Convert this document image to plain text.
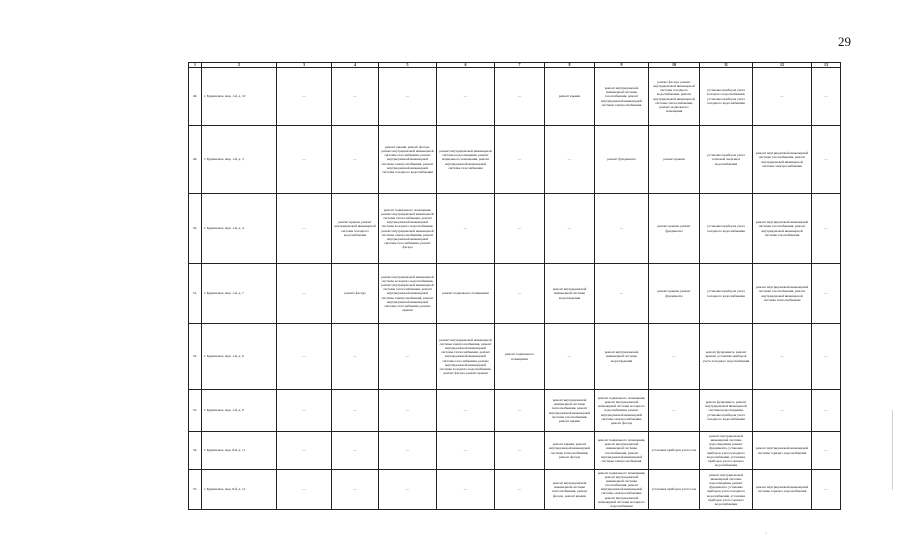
29
1	2	3	4	5	6	7	8	9	10	11	12	13
49.	г. Буденновск, мкр. 1-й, д. 10	—	—	—	—	—	ремонт крыши	ремонт внутридомовой инженерной системы газоснабжения, ремонт внутридомовой инженерной системы электроснабжения	ремонт фасада, ремонт внутридомовой инженерной системы холодного водоснабжения, ремонт внутридомовой инженерной системы теплоснабжения, ремонт подвального помещения	установка приборов учета холодного водоснабжения, установка приборов учета холодного водоснабжения	—	—
49.	г. Буденновск, мкр. 1-й, д. 3	—	—	ремонт крыши, ремонт фасада, ремонт внутридомовой инженерной системы газоснабжения, ремонт внутридомовой инженерной системы электроснабжения, ремонт внутридомовой инженерной системы холодного водоснабжения	ремонт внутридомовой инженерной системы водоотведения, ремонт подвального помещения, ремонт внутридомовой инженерной системы газоснабжения	—	—	ремонт фундамента	ремонт крыши	установка приборов учета тепловой энергии и водоснабжения	ремонт внутридомовой инженерной системы газоснабжения, ремонт внутридомовой инженерной системы электроснабжения	—
50.	г. Буденновск, мкр. 1-й, д. 4	—	ремонт крыши, ремонт внутридомовой инженерной системы холодного водоснабжения	ремонт подвального помещения, ремонт внутридомовой инженерной системы теплоснабжения, ремонт внутридомовой инженерной системы холодного водоснабжения, ремонт внутридомовой инженерной системы электроснабжения, ремонт внутридомовой инженерной системы газоснабжения, ремонт фасада	—	—	—	—	ремонт крыши, ремонт фундамента	установка приборов учета холодного водоснабжения	ремонт внутридомовой инженерной системы газоснабжения, ремонт внутридомовой инженерной системы газоснабжения	—
51.	г. Буденновск, мкр. 1-й, д. 7	—	ремонт фасада	ремонт внутридомовой инженерной системы холодного водоснабжения, ремонт внутридомовой инженерной системы теплоснабжения, ремонт внутридомовой инженерной системы электроснабжения, ремонт внутридомовой инженерной системы газоснабжения, ремонт крыши	ремонт подвального помещения	—	ремонт внутридомовой инженерной системы водоотведения	—	ремонт крыши, ремонт фундамента	установка приборов учета холодного водоснабжения	ремонт внутридомовой инженерной системы газоснабжения, ремонт внутридомовой инженерной системы теплоснабжения	—
52.	г. Буденновск, мкр. 1-й, д. 9	—	—	—	ремонт внутридомовой инженерной системы электроснабжения, ремонт внутридомовой инженерной системы теплоснабжения, ремонт внутридомовой инженерной системы газоснабжения, ремонт внутридомовой инженерной системы холодного водоснабжения, ремонт фасада, ремонт крыши	ремонт подвального помещения	—	ремонт внутридомовой инженерной системы водоотведения	—	ремонт фундамента, ремонт крыши, установка приборов учета холодного водоснабжения	—	—
53.	г. Буденновск, мкр. 1-й, д. 9	—	—	—	—	—	ремонт внутридомовой инженерной системы теплоснабжения, ремонт внутридомовой инженерной системы газоснабжения, ремонт крыши	ремонт подвального помещения, ремонт внутридомовой инженерной системы холодного водоснабжения, ремонт внутридомовой инженерной системы электроснабжения, ремонт фасада	—	ремонт фундамента, ремонт внутридомовой инженерной системы водоотведения, установка приборов учета холодного водоснабжения	—	—
54.	г. Буденновск, мкр. 8-й, д. 11	—	—	—	—	—	ремонт крыши, ремонт внутридомовой инженерной системы теплоснабжения, ремонт фасада	ремонт подвального помещения, ремонт внутридомовой инженерной системы газоснабжения, ремонт внутридомовой инженерной системы электроснабжения	установка приборов учета газа	ремонт внутридомовой инженерной системы водоотведения, ремонт фундамента, установка приборов учета холодного водоснабжения, установка приборов учета горячего водоснабжения	ремонт внутридомовой инженерной системы горячего водоснабжения	—
55.	г. Буденновск, мкр. 8-й, д. 12	—	—	—	—	—	ремонт внутридомовой инженерной системы теплоснабжения, ремонт фасада, ремонт крыши	ремонт подвального помещения, ремонт внутридомовой инженерной системы газоснабжения, ремонт внутридомовой инженерной системы электроснабжения, ремонт внутридомовой инженерной системы холодного водоснабжения	установка приборов учета газа	ремонт внутридомовой инженерной системы водоотведения, ремонт фундамента, установка приборов учета холодного водоснабжения, установка приборов учета горячего водоснабжения	ремонт внутридомовой инженерной системы горячего водоснабжения	—
·
